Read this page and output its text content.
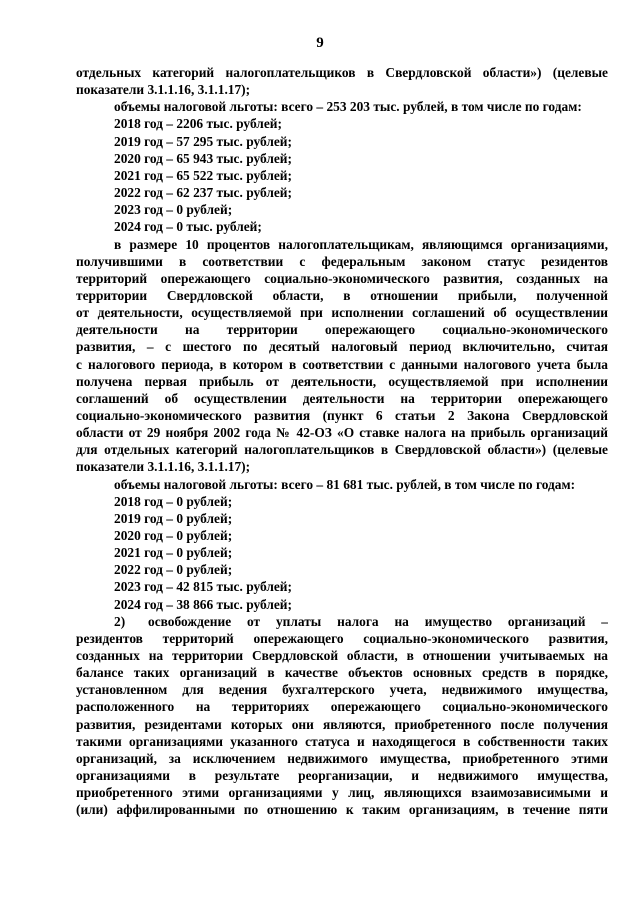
9
отдельных категорий налогоплательщиков в Свердловской области») (целевые
показатели 3.1.1.16, 3.1.1.17);
объемы налоговой льготы: всего – 253 203 тыс. рублей, в том числе по годам:
2018 год – 2206 тыс. рублей;
2019 год – 57 295 тыс. рублей;
2020 год – 65 943 тыс. рублей;
2021 год – 65 522 тыс. рублей;
2022 год – 62 237 тыс. рублей;
2023 год – 0 рублей;
2024 год – 0 тыс. рублей;
в размере 10 процентов налогоплательщикам, являющимся организациями,
получившими в соответствии с федеральным законом статус резидентов
территорий опережающего социально-экономического развития, созданных на
территории Свердловской области, в отношении прибыли, полученной
от деятельности, осуществляемой при исполнении соглашений об осуществлении
деятельности на территории опережающего социально-экономического
развития, – с шестого по десятый налоговый период включительно, считая
с налогового периода, в котором в соответствии с данными налогового учета была
получена первая прибыль от деятельности, осуществляемой при исполнении
соглашений об осуществлении деятельности на территории опережающего
социально-экономического развития (пункт 6 статьи 2 Закона Свердловской
области от 29 ноября 2002 года № 42-ОЗ «О ставке налога на прибыль организаций
для отдельных категорий налогоплательщиков в Свердловской области») (целевые
показатели 3.1.1.16, 3.1.1.17);
объемы налоговой льготы: всего – 81 681 тыс. рублей, в том числе по годам:
2018 год – 0 рублей;
2019 год – 0 рублей;
2020 год – 0 рублей;
2021 год – 0 рублей;
2022 год – 0 рублей;
2023 год – 42 815 тыс. рублей;
2024 год – 38 866 тыс. рублей;
2) освобождение от уплаты налога на имущество организаций –
резидентов территорий опережающего социально-экономического развития,
созданных на территории Свердловской области, в отношении учитываемых на
балансе таких организаций в качестве объектов основных средств в порядке,
установленном для ведения бухгалтерского учета, недвижимого имущества,
расположенного на территориях опережающего социально-экономического
развития, резидентами которых они являются, приобретенного после получения
такими организациями указанного статуса и находящегося в собственности таких
организаций, за исключением недвижимого имущества, приобретенного этими
организациями в результате реорганизации, и недвижимого имущества,
приобретенного этими организациями у лиц, являющихся взаимозависимыми и
(или) аффилированными по отношению к таким организациям, в течение пяти
